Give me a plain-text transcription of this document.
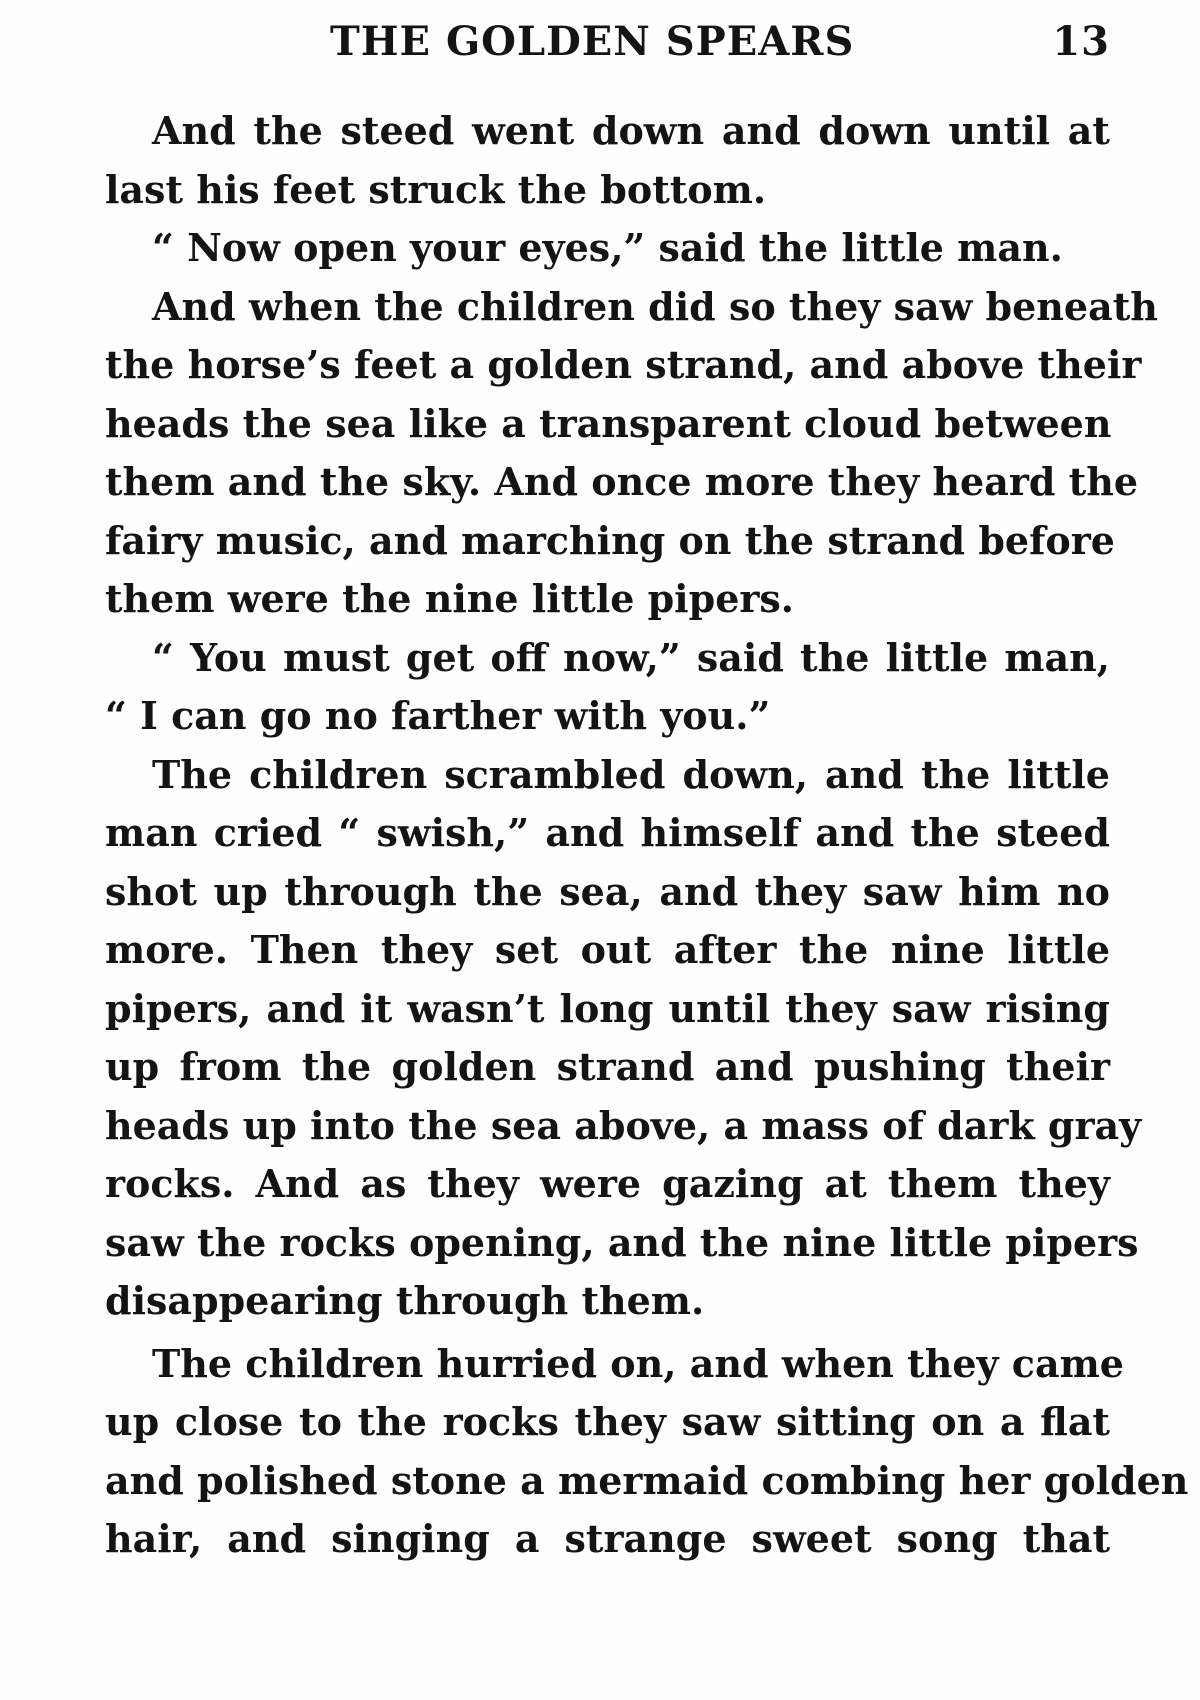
THE GOLDEN SPEARS	13
And the steed went down and down until at
last his feet struck the bottom.
“ Now open your eyes,” said the little man.
And when the children did so they saw beneath
the horse’s feet a golden strand, and above their
heads the sea like a transparent cloud between
them and the sky. And once more they heard the
fairy music, and marching on the strand before
them were the nine little pipers.
“ You must get off now,” said the little man,
“ I can go no farther with you.”
The children scrambled down, and the little
man cried “ swish,” and himself and the steed
shot up through the sea, and they saw him no
more. Then they set out after the nine little
pipers, and it wasn’t long until they saw rising
up from the golden strand and pushing their
heads up into the sea above, a mass of dark gray
rocks. And as they were gazing at them they
saw the rocks opening, and the nine little pipers
disappearing through them.
The children hurried on, and when they came
up close to the rocks they saw sitting on a flat
and polished stone a mermaid combing her golden
hair, and singing a strange sweet song that
